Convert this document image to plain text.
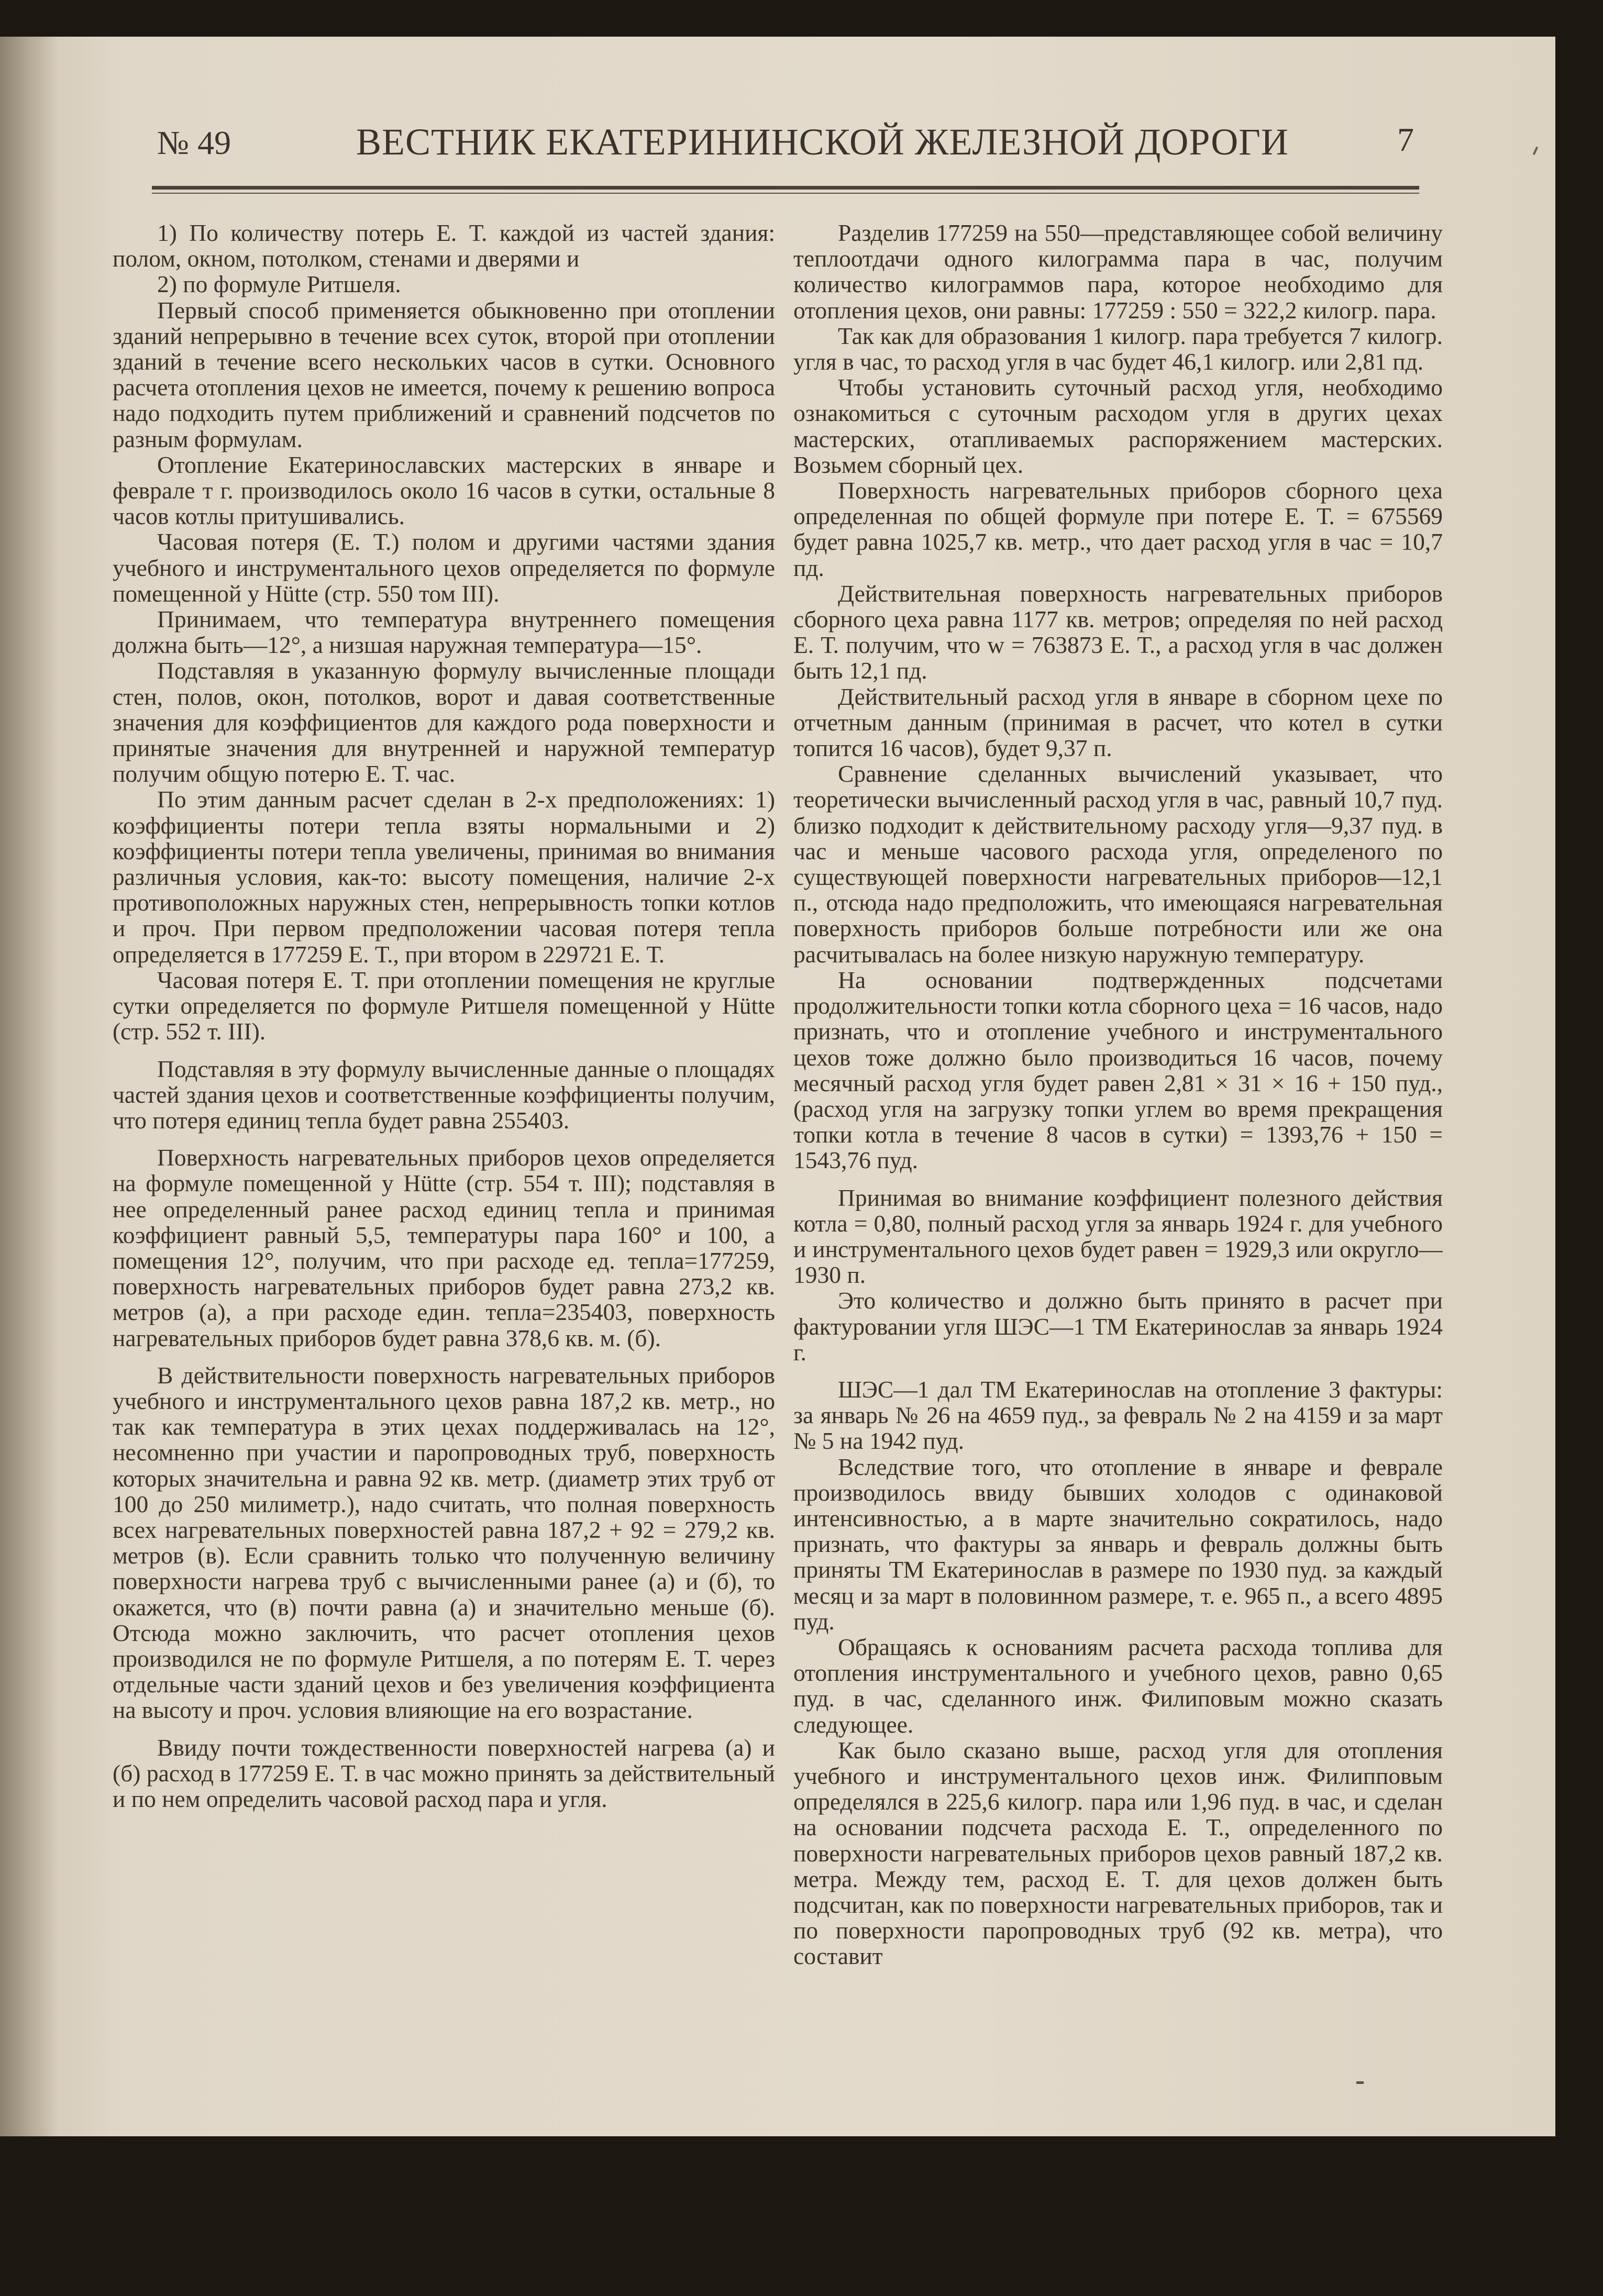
№ 49	ВЕСТНИК ЕКАТЕРИНИНСКОЙ ЖЕЛЕЗНОЙ ДОРОГИ	7

1) По количеству потерь Е. Т. каждой из частей здания: полом, окном, потолком, стенами и дверями и

2) по формуле Ритшеля.

Первый способ применяется обыкновенно при отоплении зданий непрерывно в течение всех суток, второй при отоплении зданий в течение всего нескольких часов в сутки. Основного расчета отопления цехов не имеется, почему к решению вопроса надо подходить путем приближений и сравнений подсчетов по разным формулам.

Отопление Екатеринославских мастерских в январе и феврале т г. производилось около 16 часов в сутки, остальные 8 часов котлы притушивались.

Часовая потеря (Е. Т.) полом и другими частями здания учебного и инструментального цехов определяется по формуле помещенной у Hütte (стр. 550 том III).

Принимаем, что температура внутреннего помещения должна быть—12°, а низшая наружная температура—15°.

Подставляя в указанную формулу вычисленные площади стен, полов, окон, потолков, ворот и давая соответственные значения для коэффициентов для каждого рода поверхности и принятые значения для внутренней и наружной температур получим общую потерю Е. Т. час.

По этим данным расчет сделан в 2-х предположениях: 1) коэффициенты потери тепла взяты нормальными и 2) коэффициенты потери тепла увеличены, принимая во внимания различныя условия, как-то: высоту помещения, наличие 2-х противоположных наружных стен, непрерывность топки котлов и проч. При первом предположении часовая потеря тепла определяется в 177259 Е. Т., при втором в 229721 Е. Т.

Часовая потеря Е. Т. при отоплении помещения не круглые сутки определяется по формуле Ритшеля помещенной у Hütte (стр. 552 т. III).

Подставляя в эту формулу вычисленные данные о площадях частей здания цехов и соответственные коэффициенты получим, что потеря единиц тепла будет равна 255403.

Поверхность нагревательных приборов цехов определяется на формуле помещенной у Hütte (стр. 554 т. III); подставляя в нее определенный ранее расход единиц тепла и принимая коэффициент равный 5,5, температуры пара 160° и 100, а помещения 12°, получим, что при расходе ед. тепла=177259, поверхность нагревательных приборов будет равна 273,2 кв. метров (а), а при расходе един. тепла=235403, поверхность нагревательных приборов будет равна 378,6 кв. м. (б).

В действительности поверхность нагревательных приборов учебного и инструментального цехов равна 187,2 кв. метр., но так как температура в этих цехах поддерживалась на 12°, несомненно при участии и паропроводных труб, поверхность которых значительна и равна 92 кв. метр. (диаметр этих труб от 100 до 250 милиметр.), надо считать, что полная поверхность всех нагревательных поверхностей равна 187,2 + 92 = 279,2 кв. метров (в). Если сравнить только что полученную величину поверхности нагрева труб с вычисленными ранее (а) и (б), то окажется, что (в) почти равна (а) и значительно меньше (б). Отсюда можно заключить, что расчет отопления цехов производился не по формуле Ритшеля, а по потерям Е. Т. через отдельные части зданий цехов и без увеличения коэффициента на высоту и проч. условия влияющие на его возрастание.

Ввиду почти тождественности поверхностей нагрева (а) и (б) расход в 177259 Е. Т. в час можно принять за действительный и по нем определить часовой расход пара и угля.

Разделив 177259 на 550—представляющее собой величину теплоотдачи одного килограмма пара в час, получим количество килограммов пара, которое необходимо для отопления цехов, они равны: 177259 : 550 = 322,2 килогр. пара.

Так как для образования 1 килогр. пара требуется 7 килогр. угля в час, то расход угля в час будет 46,1 килогр. или 2,81 пд.

Чтобы установить суточный расход угля, необходимо ознакомиться с суточным расходом угля в других цехах мастерских, отапливаемых распоряжением мастерских. Возьмем сборный цех.

Поверхность нагревательных приборов сборного цеха определенная по общей формуле при потере Е. Т. = 675569 будет равна 1025,7 кв. метр., что дает расход угля в час = 10,7 пд.

Действительная поверхность нагревательных приборов сборного цеха равна 1177 кв. метров; определяя по ней расход Е. Т. получим, что w = 763873 Е. Т., а расход угля в час должен быть 12,1 пд.

Действительный расход угля в январе в сборном цехе по отчетным данным (принимая в расчет, что котел в сутки топится 16 часов), будет 9,37 п.

Сравнение сделанных вычислений указывает, что теоретически вычисленный расход угля в час, равный 10,7 пуд. близко подходит к действительному расходу угля—9,37 пуд. в час и меньше часового расхода угля, определеного по существующей поверхности нагревательных приборов—12,1 п., отсюда надо предположить, что имеющаяся нагревательная поверхность приборов больше потребности или же она расчитывалась на более низкую наружную температуру.

На основании подтвержденных подсчетами продолжительности топки котла сборного цеха = 16 часов, надо признать, что и отопление учебного и инструментального цехов тоже должно было производиться 16 часов, почему месячный расход угля будет равен 2,81 × 31 × 16 + 150 пуд., (расход угля на загрузку топки углем во время прекращения топки котла в течение 8 часов в сутки) = 1393,76 + 150 = 1543,76 пуд.

Принимая во внимание коэффициент полезного действия котла = 0,80, полный расход угля за январь 1924 г. для учебного и инструментального цехов будет равен = 1929,3 или округло—1930 п.

Это количество и должно быть принято в расчет при фактуровании угля ШЭС—1 ТМ Екатеринослав за январь 1924 г.

ШЭС—1 дал ТМ Екатеринослав на отопление 3 фактуры: за январь № 26 на 4659 пуд., за февраль № 2 на 4159 и за март № 5 на 1942 пуд.

Вследствие того, что отопление в январе и феврале производилось ввиду бывших холодов с одинаковой интенсивностью, а в марте значительно сократилось, надо признать, что фактуры за январь и февраль должны быть приняты ТМ Екатеринослав в размере по 1930 пуд. за каждый месяц и за март в половинном размере, т. е. 965 п., а всего 4895 пуд.

Обращаясь к основаниям расчета расхода топлива для отопления инструментального и учебного цехов, равно 0,65 пуд. в час, сделанного инж. Филиповым можно сказать следующее.

Как было сказано выше, расход угля для отопления учебного и инструментального цехов инж. Филипповым определялся в 225,6 килогр. пара или 1,96 пуд. в час, и сделан на основании подсчета расхода Е. Т., определенного по поверхности нагревательных приборов цехов равный 187,2 кв. метра. Между тем, расход Е. Т. для цехов должен быть подсчитан, как по поверхности нагревательных приборов, так и по поверхности паропроводных труб (92 кв. метра), что составит
